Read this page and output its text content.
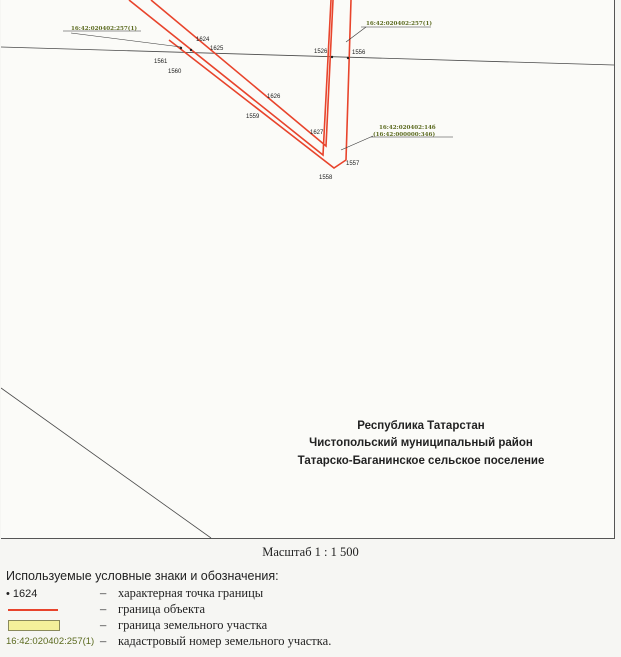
16:42:020402:257(1)
16:42:020402:257(1)
16:42:020402:14б
(16:42:000000:346)
1624
1625
1561
1560
1526	1556
1626
1559
1627
1557
1558
Республика Татарстан
Чистопольский муниципальный район
Татарско-Баганинское сельское поселение
Масштаб 1 : 1 500
Используемые условные знаки и обозначения:
• 1624	– характерная точка границы
– граница объекта
– граница земельного участка
16:42:020402:257(1) – кадастровый номер земельного участка.
